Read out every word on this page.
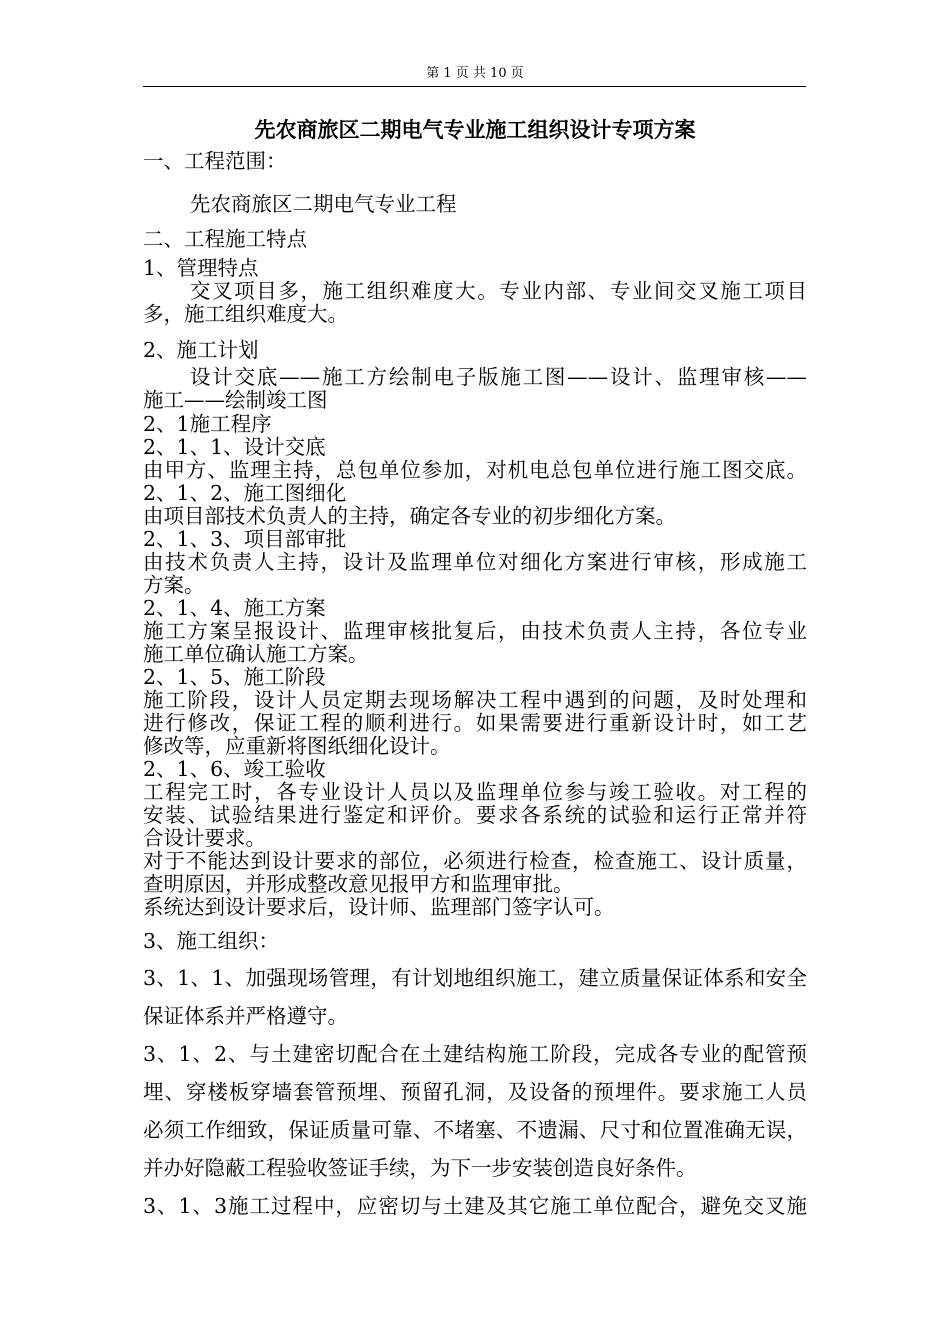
第 1 页 共 10 页
先农商旅区二期电气专业施工组织设计专项方案
一、工程范围：
先农商旅区二期电气专业工程
二、工程施工特点
1、管理特点
交叉项目多，施工组织难度大。专业内部、专业间交叉施工项目
多，施工组织难度大。
2、施工计划
设计交底——施工方绘制电子版施工图——设计、监理审核——
施工——绘制竣工图
2、1施工程序
2、1、1、设计交底
由甲方、监理主持，总包单位参加，对机电总包单位进行施工图交底。
2、1、2、施工图细化
由项目部技术负责人的主持，确定各专业的初步细化方案。
2、1、3、项目部审批
由技术负责人主持，设计及监理单位对细化方案进行审核，形成施工
方案。
2、1、4、施工方案
施工方案呈报设计、监理审核批复后，由技术负责人主持，各位专业
施工单位确认施工方案。
2、1、5、施工阶段
施工阶段，设计人员定期去现场解决工程中遇到的问题，及时处理和
进行修改，保证工程的顺利进行。如果需要进行重新设计时，如工艺
修改等，应重新将图纸细化设计。
2、1、6、竣工验收
工程完工时，各专业设计人员以及监理单位参与竣工验收。对工程的
安装、试验结果进行鉴定和评价。要求各系统的试验和运行正常并符
合设计要求。
对于不能达到设计要求的部位，必须进行检查，检查施工、设计质量，
查明原因，并形成整改意见报甲方和监理审批。
系统达到设计要求后，设计师、监理部门签字认可。
3、施工组织：
3、1、1、加强现场管理，有计划地组织施工，建立质量保证体系和安全
保证体系并严格遵守。
3、1、2、与土建密切配合在土建结构施工阶段，完成各专业的配管预
埋、穿楼板穿墙套管预埋、预留孔洞，及设备的预埋件。要求施工人员
必须工作细致，保证质量可靠、不堵塞、不遗漏、尺寸和位置准确无误，
并办好隐蔽工程验收签证手续，为下一步安装创造良好条件。
3、1、3施工过程中，应密切与土建及其它施工单位配合，避免交叉施
